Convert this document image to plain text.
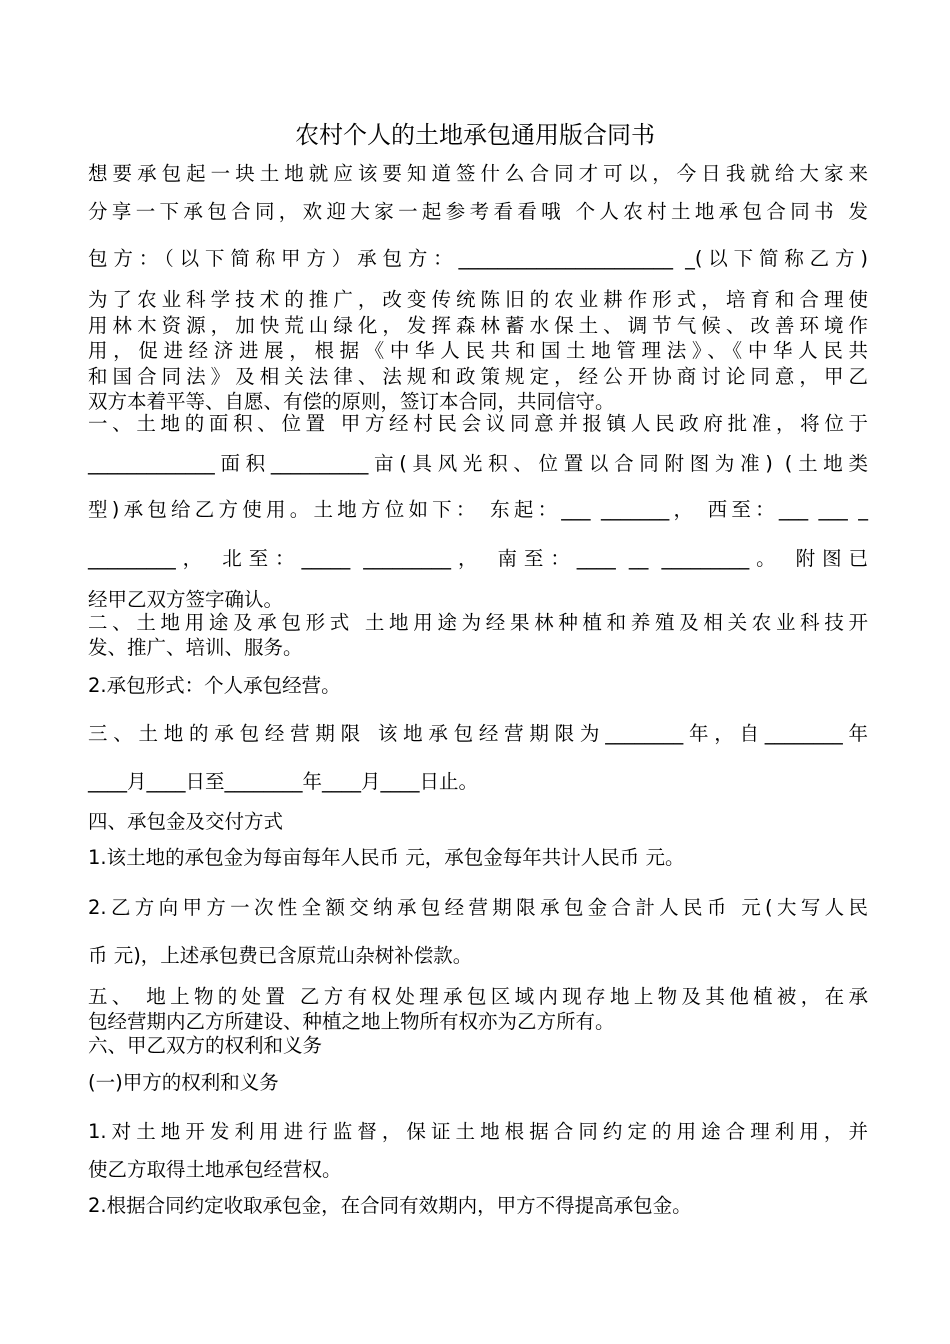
农村个人的土地承包通用版合同书
想要承包起一块土地就应该要知道签什么合同才可以，今日我就给大家来
分享一下承包合同，欢迎大家一起参考看看哦 个人农村土地承包合同书 发
包方：（以下简称甲方）承包方：______________________ _(以下简称乙方)
为了农业科学技术的推广，改变传统陈旧的农业耕作形式，培育和合理使
用林木资源，加快荒山绿化，发挥森林蓄水保土、调节气候、改善环境作
用，促进经济进展，根据《中华人民共和国土地管理法》、《中华人民共
和国合同法》及相关法律、法规和政策规定，经公开协商讨论同意，甲乙
双方本着平等、自愿、有偿的原则，签订本合同，共同信守。
一、土地的面积、位置 甲方经村民会议同意并报镇人民政府批准，将位于
_____________面积__________亩(具风光积、位置以合同附图为准) (土地类
型)承包给乙方使用。土地方位如下： 东起：___ _______， 西至：___ ___ _
_________， 北至：_____ _________， 南至：____ __ _________。 附图已
经甲乙双方签字确认。
二、土地用途及承包形式 土地用途为经果林种植和养殖及相关农业科技开
发、推广、培训、服务。
2.承包形式：个人承包经营。
三、土地的承包经营期限 该地承包经营期限为________年，自________年
____月____日至________年____月____日止。
四、承包金及交付方式
1.该土地的承包金为每亩每年人民币 元，承包金每年共计人民币 元。
2.乙方向甲方一次性全额交纳承包经营期限承包金合計人民币 元(大写人民
币 元)，上述承包费已含原荒山杂树补偿款。
五、 地上物的处置 乙方有权处理承包区域内现存地上物及其他植被，在承
包经营期内乙方所建设、种植之地上物所有权亦为乙方所有。
六、甲乙双方的权利和义务
(一)甲方的权利和义务
1.对土地开发利用进行监督，保证土地根据合同约定的用途合理利用，并
使乙方取得土地承包经营权。
2.根据合同约定收取承包金，在合同有效期内，甲方不得提高承包金。
